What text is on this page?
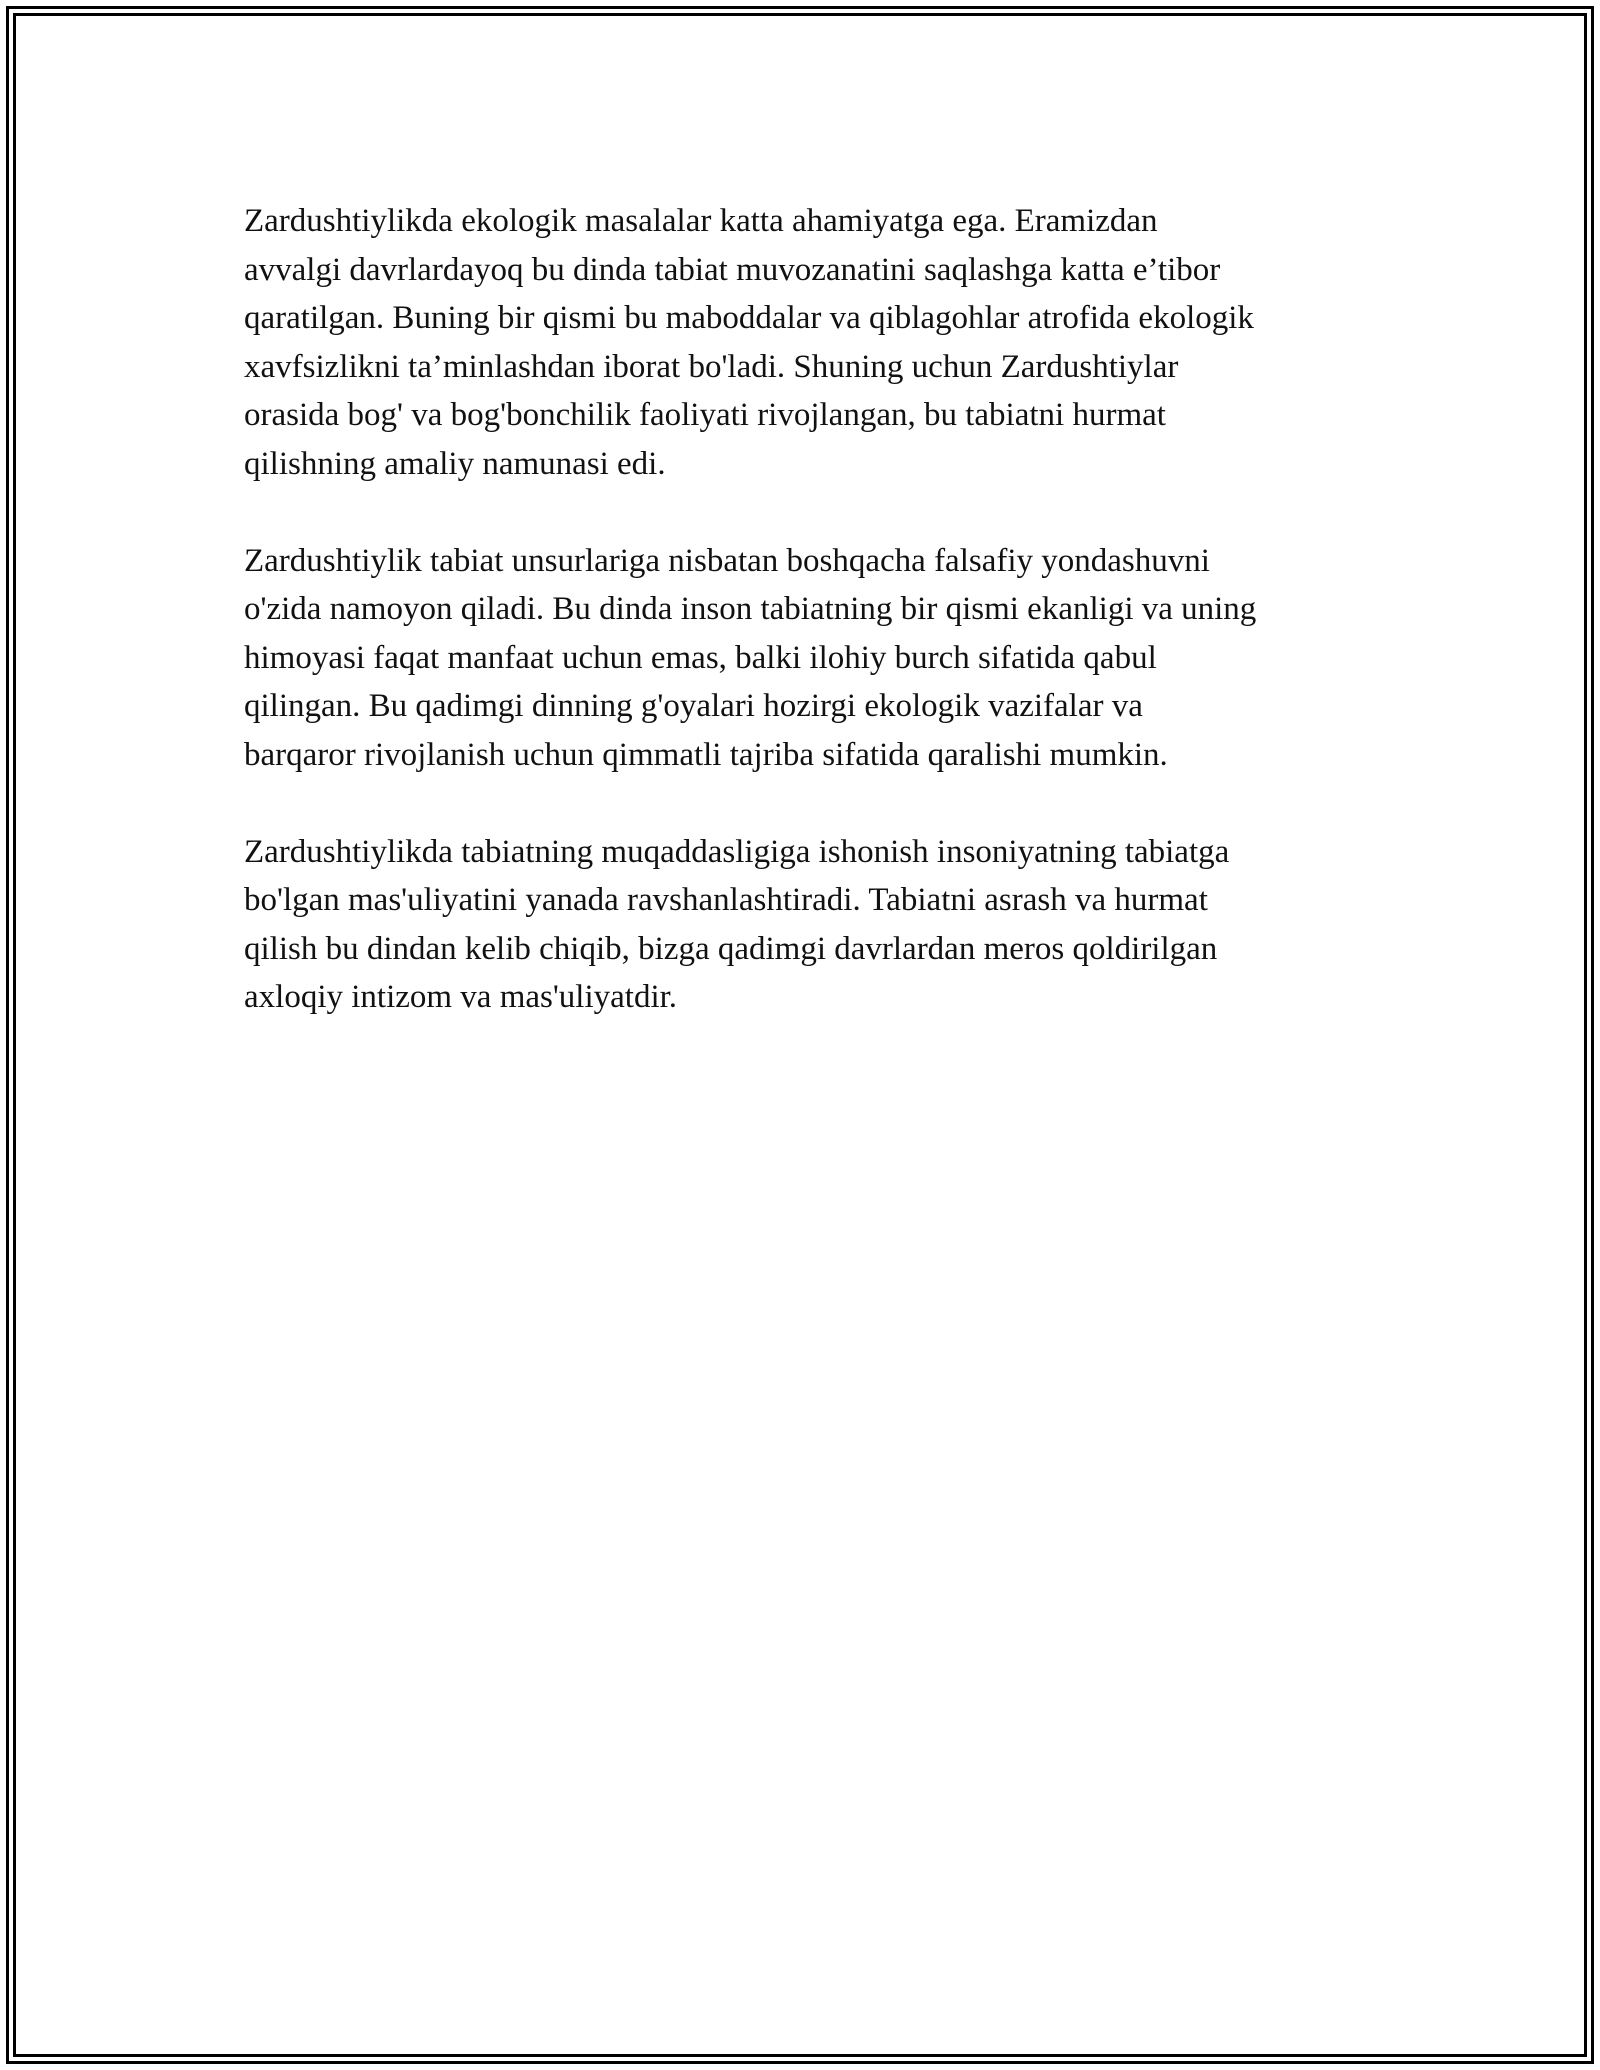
Zardushtiylikda ekologik masalalar katta ahamiyatga ega. Eramizdan
avvalgi davrlardayoq bu dinda tabiat muvozanatini saqlashga katta e’tibor
qaratilgan. Buning bir qismi bu maboddalar va qiblagohlar atrofida ekologik
xavfsizlikni ta’minlashdan iborat bo'ladi. Shuning uchun Zardushtiylar
orasida bog' va bog'bonchilik faoliyati rivojlangan, bu tabiatni hurmat
qilishning amaliy namunasi edi.

Zardushtiylik tabiat unsurlariga nisbatan boshqacha falsafiy yondashuvni
o'zida namoyon qiladi. Bu dinda inson tabiatning bir qismi ekanligi va uning
himoyasi faqat manfaat uchun emas, balki ilohiy burch sifatida qabul
qilingan. Bu qadimgi dinning g'oyalari hozirgi ekologik vazifalar va
barqaror rivojlanish uchun qimmatli tajriba sifatida qaralishi mumkin.

Zardushtiylikda tabiatning muqaddasligiga ishonish insoniyatning tabiatga
bo'lgan mas'uliyatini yanada ravshanlashtiradi. Tabiatni asrash va hurmat
qilish bu dindan kelib chiqib, bizga qadimgi davrlardan meros qoldirilgan
axloqiy intizom va mas'uliyatdir.
